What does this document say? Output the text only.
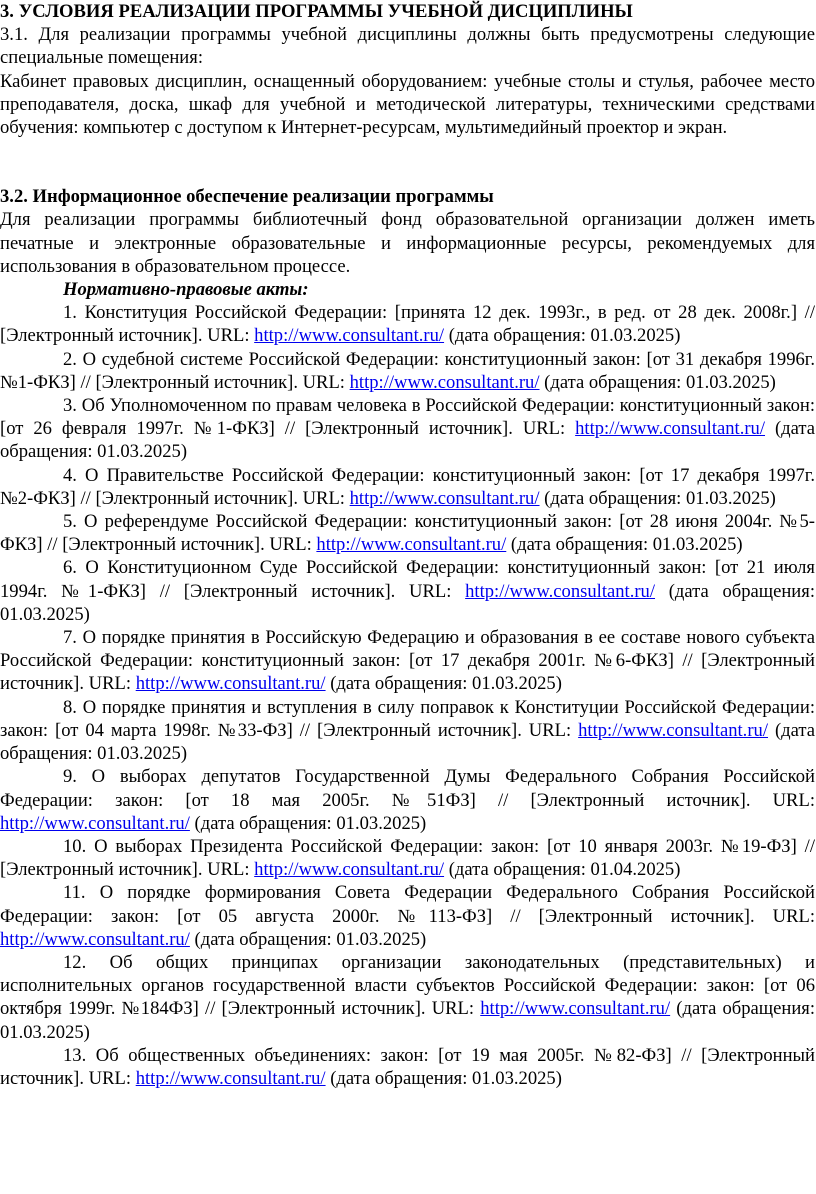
3. УСЛОВИЯ РЕАЛИЗАЦИИ ПРОГРАММЫ УЧЕБНОЙ ДИСЦИПЛИНЫ

3.1. Для реализации программы учебной дисциплины должны быть предусмотрены следующие специальные помещения:

Кабинет правовых дисциплин, оснащенный оборудованием: учебные столы и стулья, рабочее место преподавателя, доска, шкаф для учебной и методической литературы, техническими средствами обучения: компьютер с доступом к Интернет-ресурсам, мультимедийный проектор и экран.

3.2. Информационное обеспечение реализации программы

Для реализации программы библиотечный фонд образовательной организации должен иметь печатные и электронные образовательные и информационные ресурсы, рекомендуемых для использования в образовательном процессе.

Нормативно-правовые акты:

1. Конституция Российской Федерации: [принята 12 дек. 1993г., в ред. от 28 дек. 2008г.] // [Электронный источник]. URL: http://www.consultant.ru/ (дата обращения: 01.03.2025)

2. О судебной системе Российской Федерации: конституционный закон: [от 31 декабря 1996г. №1-ФКЗ] // [Электронный источник]. URL: http://www.consultant.ru/ (дата обращения: 01.03.2025)

3. Об Уполномоченном по правам человека в Российской Федерации: конституционный закон: [от 26 февраля 1997г. №1-ФКЗ] // [Электронный источник]. URL: http://www.consultant.ru/ (дата обращения: 01.03.2025)

4. О Правительстве Российской Федерации: конституционный закон: [от 17 декабря 1997г. №2-ФКЗ] // [Электронный источник]. URL: http://www.consultant.ru/ (дата обращения: 01.03.2025)

5. О референдуме Российской Федерации: конституционный закон: [от 28 июня 2004г. №5-ФКЗ] // [Электронный источник]. URL: http://www.consultant.ru/ (дата обращения: 01.03.2025)

6. О Конституционном Суде Российской Федерации: конституционный закон: [от 21 июля 1994г. №1-ФКЗ] // [Электронный источник]. URL: http://www.consultant.ru/ (дата обращения: 01.03.2025)

7. О порядке принятия в Российскую Федерацию и образования в ее составе нового субъекта Российской Федерации: конституционный закон: [от 17 декабря 2001г. №6-ФКЗ] // [Электронный источник]. URL: http://www.consultant.ru/ (дата обращения: 01.03.2025)

8. О порядке принятия и вступления в силу поправок к Конституции Российской Федерации: закон: [от 04 марта 1998г. №33-ФЗ] // [Электронный источник]. URL: http://www.consultant.ru/ (дата обращения: 01.03.2025)

9. О выборах депутатов Государственной Думы Федерального Собрания Российской Федерации: закон: [от 18 мая 2005г. №51ФЗ] // [Электронный источник]. URL: http://www.consultant.ru/ (дата обращения: 01.03.2025)

10. О выборах Президента Российской Федерации: закон: [от 10 января 2003г. №19-ФЗ] // [Электронный источник]. URL: http://www.consultant.ru/ (дата обращения: 01.04.2025)

11. О порядке формирования Совета Федерации Федерального Собрания Российской Федерации: закон: [от 05 августа 2000г. №113-ФЗ] // [Электронный источник]. URL: http://www.consultant.ru/ (дата обращения: 01.03.2025)

12. Об общих принципах организации законодательных (представительных) и исполнительных органов государственной власти субъектов Российской Федерации: закон: [от 06 октября 1999г. №184ФЗ] // [Электронный источник]. URL: http://www.consultant.ru/ (дата обращения: 01.03.2025)

13. Об общественных объединениях: закон: [от 19 мая 2005г. №82-ФЗ] // [Электронный источник]. URL: http://www.consultant.ru/ (дата обращения: 01.03.2025)
